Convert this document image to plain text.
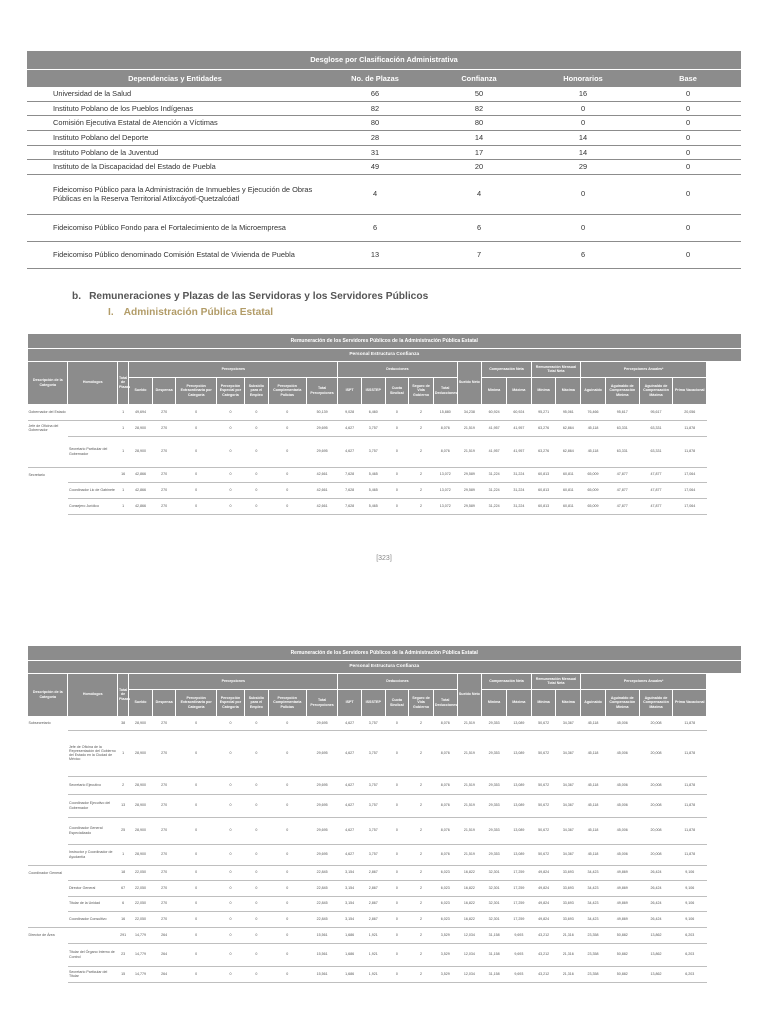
Desglose por Clasificación Administrativa				
Dependencias y Entidades	No. de Plazas	Confianza	Honorarios	Base
Universidad de la Salud	66	50	16	0
Instituto Poblano de los Pueblos Indígenas	82	82	0	0
Comisión Ejecutiva Estatal de Atención a Víctimas	80	80	0	0
Instituto Poblano del Deporte	28	14	14	0
Instituto Poblano de la Juventud	31	17	14	0
Instituto de la Discapacidad del Estado de Puebla	49	20	29	0
Fideicomiso Público para la Administración de Inmuebles y Ejecución de Obras Públicas en la Reserva Territorial Atlixcáyotl-Quetzalcóatl	4	4	0	0
Fideicomiso Público Fondo para el Fortalecimiento de la Microempresa	6	6	0	0
Fideicomiso Público denominado Comisión Estatal de Vivienda de Puebla	13	7	6	0
b. Remuneraciones y Plazas de las Servidoras y los Servidores Públicos
I. Administración Pública Estatal
Remuneración de los Servidores Públicos de la Administración Pública Estatal																							
Personal Estructura Confianza																							
Descripción de la Categoría	Homólogos	Total de Plazas	Percepciones							Deducciones					Sueldo Neto	Compensación Neta		Remuneración Mensual Total Neta		Percepciones Anuales*			
			Sueldo	Despensa	Percepción Extraordinaria por Categoría	Percepción Especial por Categoría	Subsidio para el Empleo	Percepción Complementaria Policías	Total Percepciones	ISPT	ISSSTEP	Cuota Sindical	Seguro de Vida Gobierno	Total Deducciones		Mínima	Máxima	Mínima	Máxima	Aguinaldo	Aguinaldo de Compensación Mínima	Aguinaldo de Compensación Máxima	Prima Vacacional
Gobernador del Estado		1	49,694	270	0	0	0	0	50,139	9,028	6,460	0	2	15,880	34,238	60,924	60,924	95,271	95,061	76,466	95,617	95,617	20,056
Jefe de Oficina del Gobernador		1	28,900	270	0	0	0	0	29,695	4,627	3,757	0	2	8,076	21,519	41,957	41,957	63,276	62,864	45,118	63,331	63,331	11,878
	Secretario Particular del Gobernador	1	28,900	270	0	0	0	0	29,695	4,627	3,757	0	2	8,076	21,519	41,957	41,957	63,276	62,864	45,118	63,331	63,331	11,878
Secretario		16	42,866	270	0	0	0	0	42,661	7,628	5,465	0	2	13,072	29,589	31,224	31,224	60,813	60,811	65,009	47,877	47,877	17,064
	Coordinador Lic de Gabinete	1	42,866	270	0	0	0	0	42,661	7,628	5,465	0	2	13,072	29,589	31,224	31,224	60,813	60,811	65,009	47,877	47,877	17,064
	Consejero Jurídico	1	42,866	270	0	0	0	0	42,661	7,628	5,465	0	2	13,072	29,589	31,224	31,224	60,813	60,811	65,009	47,877	47,877	17,064
[323]
Remuneración de los Servidores Públicos de la Administración Pública Estatal																							
Personal Estructura Confianza																							
Descripción de la Categoría	Homólogos	Total de Plazas	Percepciones							Deducciones					Sueldo Neto	Compensación Neta		Remuneración Mensual Total Neta		Percepciones Anuales*			
			Sueldo	Despensa	Percepción Extraordinaria por Categoría	Percepción Especial por Categoría	Subsidio para el Empleo	Percepción Complementaria Policías	Total Percepciones	ISPT	ISSSTEP	Cuota Sindical	Seguro de Vida Gobierno	Total Deducciones		Mínima	Máxima	Mínima	Máxima	Aguinaldo	Aguinaldo de Compensación Mínima	Aguinaldo de Compensación Máxima	Prima Vacacional
Subsecretario		38	28,900	270	0	0	0	0	29,695	4,627	3,757	0	2	8,076	21,519	29,353	13,089	50,672	34,367	45,118	45,006	20,008	11,878
	Jefe de Oficina de la Representación del Gobierno del Estado en la Ciudad de México	1	28,900	270	0	0	0	0	29,695	4,627	3,757	0	2	8,076	21,519	29,353	13,089	50,672	34,367	45,118	45,006	20,008	11,878
	Secretario Ejecutivo	2	28,900	270	0	0	0	0	29,695	4,627	3,757	0	2	8,076	21,519	29,353	13,089	50,672	34,367	45,118	45,006	20,008	11,878
	Coordinador Ejecutivo del Gobernador	13	28,900	270	0	0	0	0	29,695	4,627	3,757	0	2	8,076	21,519	29,353	13,089	50,672	34,367	45,118	45,006	20,008	11,878
	Coordinador General Especializado	25	28,900	270	0	0	0	0	29,695	4,627	3,757	0	2	8,076	21,519	29,353	13,089	50,672	34,367	45,118	45,006	20,008	11,878
	Instructor y Coordinador de Ayudantía	1	28,900	270	0	0	0	0	29,695	4,627	3,757	0	2	8,076	21,519	29,353	13,089	50,672	34,367	45,118	45,006	20,008	11,878
Coordinador General		18	22,050	270	0	0	0	0	22,845	3,154	2,867	0	2	6,023	16,822	32,301	17,259	49,824	33,693	34,423	49,869	26,424	9,106
	Director General	67	22,050	270	0	0	0	0	22,845	3,154	2,867	0	2	6,023	16,822	32,301	17,259	49,824	33,693	34,423	49,869	26,424	9,106
	Titular de la Unidad	6	22,050	270	0	0	0	0	22,845	3,154	2,867	0	2	6,023	16,822	32,301	17,259	49,824	33,693	34,423	49,869	26,424	9,106
	Coordinador Consultivo	16	22,050	270	0	0	0	0	22,845	3,154	2,867	0	2	6,023	16,822	32,301	17,259	49,824	33,693	34,423	49,869	26,424	9,106
Director de Área		291	14,779	264	0	0	0	0	15,561	1,686	1,921	0	2	3,529	12,034	31,158	9,693	43,212	21,316	23,358	50,882	13,862	6,203
	Titular del Órgano Interno de Control	23	14,779	264	0	0	0	0	15,561	1,686	1,921	0	2	3,529	12,034	31,158	9,693	43,212	21,316	23,358	50,882	13,862	6,203
	Secretario Particular del Titular	15	14,779	264	0	0	0	0	15,561	1,686	1,921	0	2	3,529	12,034	31,158	9,693	43,212	21,316	23,358	50,882	13,862	6,203
